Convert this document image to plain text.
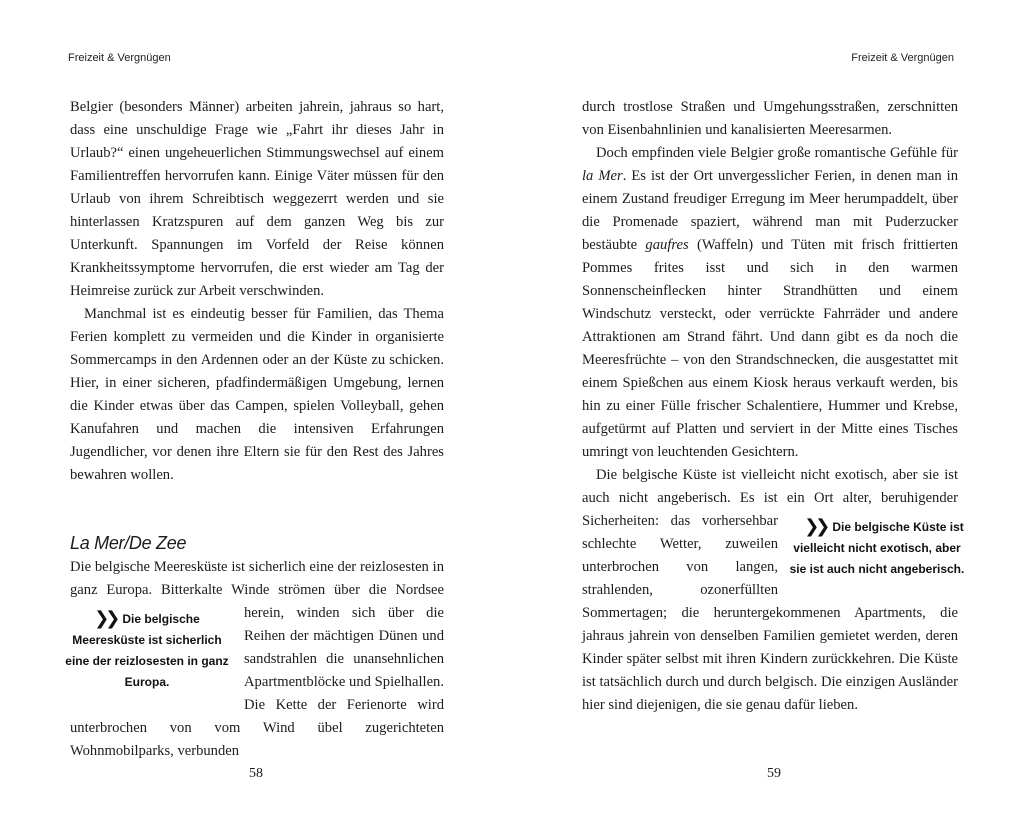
Freizeit & Vergnügen

Belgier (besonders Männer) arbeiten jahrein, jahraus so hart, dass eine unschuldige Frage wie „Fahrt ihr dieses Jahr in Urlaub?“ einen ungeheuerlichen Stimmungswechsel auf einem Familientreffen hervorrufen kann. Einige Väter müssen für den Urlaub von ihrem Schreibtisch weggezerrt werden und sie hinterlassen Kratzspuren auf dem ganzen Weg bis zur Unterkunft. Spannungen im Vorfeld der Reise können Krankheitssymptome hervorrufen, die erst wieder am Tag der Heimreise zurück zur Arbeit verschwinden.

Manchmal ist es eindeutig besser für Familien, das Thema Ferien komplett zu vermeiden und die Kinder in organisierte Sommercamps in den Ardennen oder an der Küste zu schicken. Hier, in einer sicheren, pfadfindermäßigen Umgebung, lernen die Kinder etwas über das Campen, spielen Volleyball, gehen Kanufahren und machen die intensiven Erfahrungen Jugendlicher, vor denen ihre Eltern sie für den Rest des Jahres bewahren wollen.

La Mer/De Zee

Die belgische Meeresküste ist sicherlich eine der reizlosesten in ganz Europa. Bitterkalte Winde strömen über die Nordsee
❯❯ Die belgische Meeresküste ist sicherlich eine der reizlosesten in ganz Europa.
herein, winden sich über die Reihen der mächtigen Dünen und sandstrahlen die unansehnlichen Apartmentblöcke und Spielhallen. Die Kette der Ferienorte wird unterbrochen von vom Wind übel zugerichteten Wohnmobilparks, verbunden

58
Freizeit & Vergnügen

durch trostlose Straßen und Umgehungsstraßen, zerschnitten von Eisenbahnlinien und kanalisierten Meeresarmen.

Doch empfinden viele Belgier große romantische Gefühle für la Mer. Es ist der Ort unvergesslicher Ferien, in denen man in einem Zustand freudiger Erregung im Meer herumpaddelt, über die Promenade spaziert, während man mit Puderzucker bestäubte gaufres (Waffeln) und Tüten mit frisch frittierten Pommes frites isst und sich in den warmen Sonnenscheinflecken hinter Strandhütten und einem Windschutz versteckt, oder verrückte Fahrräder und andere Attraktionen am Strand fährt. Und dann gibt es da noch die Meeresfrüchte – von den Strandschnecken, die ausgestattet mit einem Spießchen aus einem Kiosk heraus verkauft werden, bis hin zu einer Fülle frischer Schalentiere, Hummer und Krebse, aufgetürmt auf Platten und serviert in der Mitte eines Tisches umringt von leuchtenden Gesichtern.

Die belgische Küste ist vielleicht nicht exotisch, aber sie ist auch nicht angeberisch. Es ist ein Ort alter, beruhigender Si	❯❯ Die belgische Küste ist vielleicht nicht exotisch, aber sie ist auch nicht angeberisch.
cherheiten: das vorhersehbar schlechte Wetter, zuweilen unterbrochen von langen, strahlenden, ozonerfüllten Sommertagen; die heruntergekommenen Apartments, die jahraus jahrein von denselben Familien gemietet werden, deren Kinder später selbst mit ihren Kindern zurückkehren. Die Küste ist tatsächlich durch und durch belgisch. Die einzigen Ausländer hier sind diejenigen, die sie genau dafür lieben.

59
